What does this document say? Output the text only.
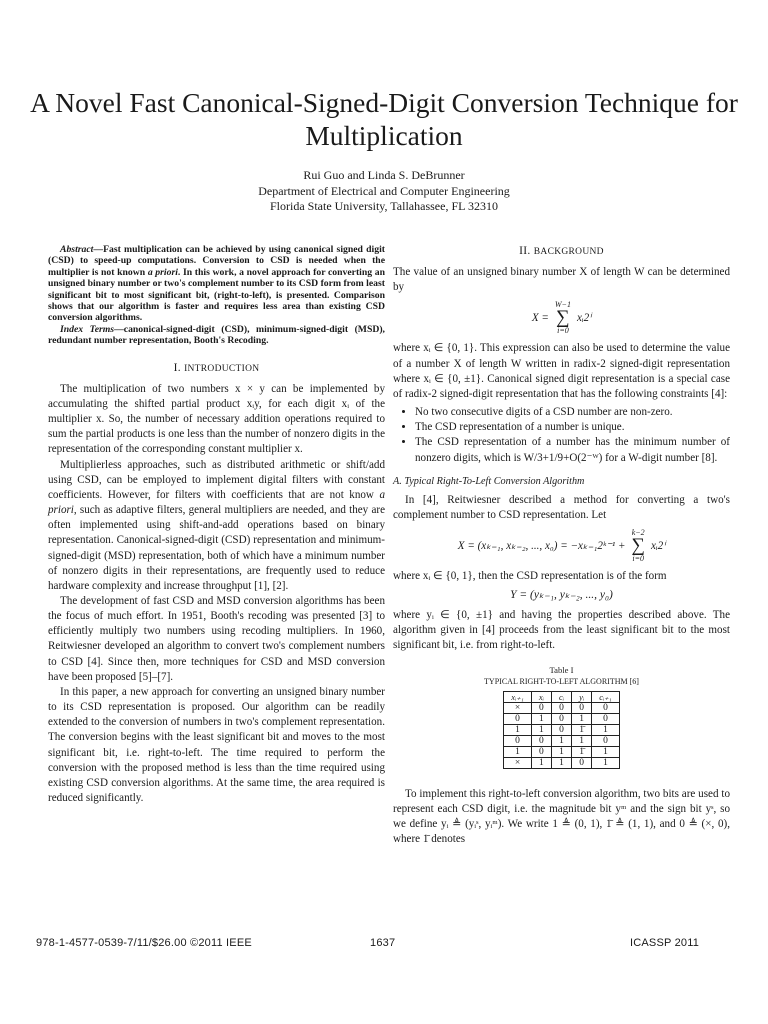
A Novel Fast Canonical-Signed-Digit Conversion Technique for Multiplication
Rui Guo and Linda S. DeBrunner
Department of Electrical and Computer Engineering
Florida State University, Tallahassee, FL 32310

Abstract—Fast multiplication can be achieved by using canonical signed digit (CSD) to speed-up computations. Conversion to CSD is needed when the multiplier is not known a priori. In this work, a novel approach for converting an unsigned binary number or two's complement number to its CSD form from least significant bit to most significant bit, (right-to-left), is presented. Comparison shows that our algorithm is faster and requires less area than existing CSD conversion algorithms.

Index Terms—canonical-signed-digit (CSD), minimum-signed-digit (MSD), redundant number representation, Booth's Recoding.

I. INTRODUCTION

The multiplication of two numbers x × y can be implemented by accumulating the shifted partial product xᵢy, for each digit xᵢ of the multiplier x. So, the number of necessary addition operations required to sum the partial products is one less than the number of nonzero digits in the representation of the corresponding constant multiplier x.

Multiplierless approaches, such as distributed arithmetic or shift/add using CSD, can be employed to implement digital filters with constant coefficients. However, for filters with coefficients that are not know a priori, such as adaptive filters, general multipliers are needed, and they are often implemented using shift-and-add operations based on binary representation. Canonical-signed-digit (CSD) representation and minimum-signed-digit (MSD) representation, both of which have a minimum number of nonzero digits in their representations, are frequently used to reduce hardware complexity and increase throughput [1], [2].

The development of fast CSD and MSD conversion algorithms has been the focus of much effort. In 1951, Booth's recoding was presented [3] to efficiently multiply two numbers using recoding multipliers. In 1960, Reitwiesner developed an algorithm to convert two's complement numbers to CSD [4]. Since then, more techniques for CSD and MSD conversion have been proposed [5]–[7].

In this paper, a new approach for converting an unsigned binary number to its CSD representation is proposed. Our algorithm can be readily extended to the conversion of numbers in two's complement representation. The conversion begins with the least significant bit and moves to the most significant bit, i.e. right-to-left. The time required to perform the conversion with the proposed method is less than the time required using existing CSD conversion algorithms. At the same time, the area required is reduced significantly.

II. BACKGROUND

The value of an unsigned binary number X of length W can be determined by

X =
W−1
∑
i=0
xᵢ2ⁱ

where xᵢ ∈ {0, 1}. This expression can also be used to determine the value of a number X of length W written in radix-2 signed-digit representation where xᵢ ∈ {0, ±1}. Canonical signed digit representation is a special case of radix-2 signed-digit representation that has the following constraints [4]:

• No two consecutive digits of a CSD number are non-zero.
• The CSD representation of a number is unique.
• The CSD representation of a number has the minimum number of nonzero digits, which is W/3+1/9+O(2⁻ᵂ) for a W-digit number [8].
A. Typical Right-To-Left Conversion Algorithm

In [4], Reitwiesner described a method for converting a two's complement number to CSD representation. Let

X = (xₖ₋₁, xₖ₋₂, ..., x₀) = −xₖ₋₁2ᵏ⁻¹ +
k−2
∑
i=0
xᵢ2ⁱ

where xᵢ ∈ {0, 1}, then the CSD representation is of the form

Y = (yₖ₋₁, yₖ₋₂, ..., y₀)

where yᵢ ∈ {0, ±1} and having the properties described above. The algorithm given in [4] proceeds from the least significant bit to the most significant bit, i.e. from right-to-left.

Table I
TYPICAL RIGHT-TO-LEFT ALGORITHM [6]
xᵢ₊₁	xᵢ	cᵢ	yᵢ	cᵢ₊₁
×	0	0	0	0
0	1	0	1	0
1	1	0	1̄	1
0	0	1	1	0
1	0	1	1̄	1
×	1	1	0	1

To implement this right-to-left conversion algorithm, two bits are used to represent each CSD digit, i.e. the magnitude bit yᵐ and the sign bit yˢ, so we define yᵢ ≜ (yᵢˢ, yᵢᵐ). We write 1 ≜ (0, 1), 1̄ ≜ (1, 1), and 0 ≜ (×, 0), where 1̄ denotes

978-1-4577-0539-7/11/$26.00 ©2011 IEEE	1637	ICASSP 2011
